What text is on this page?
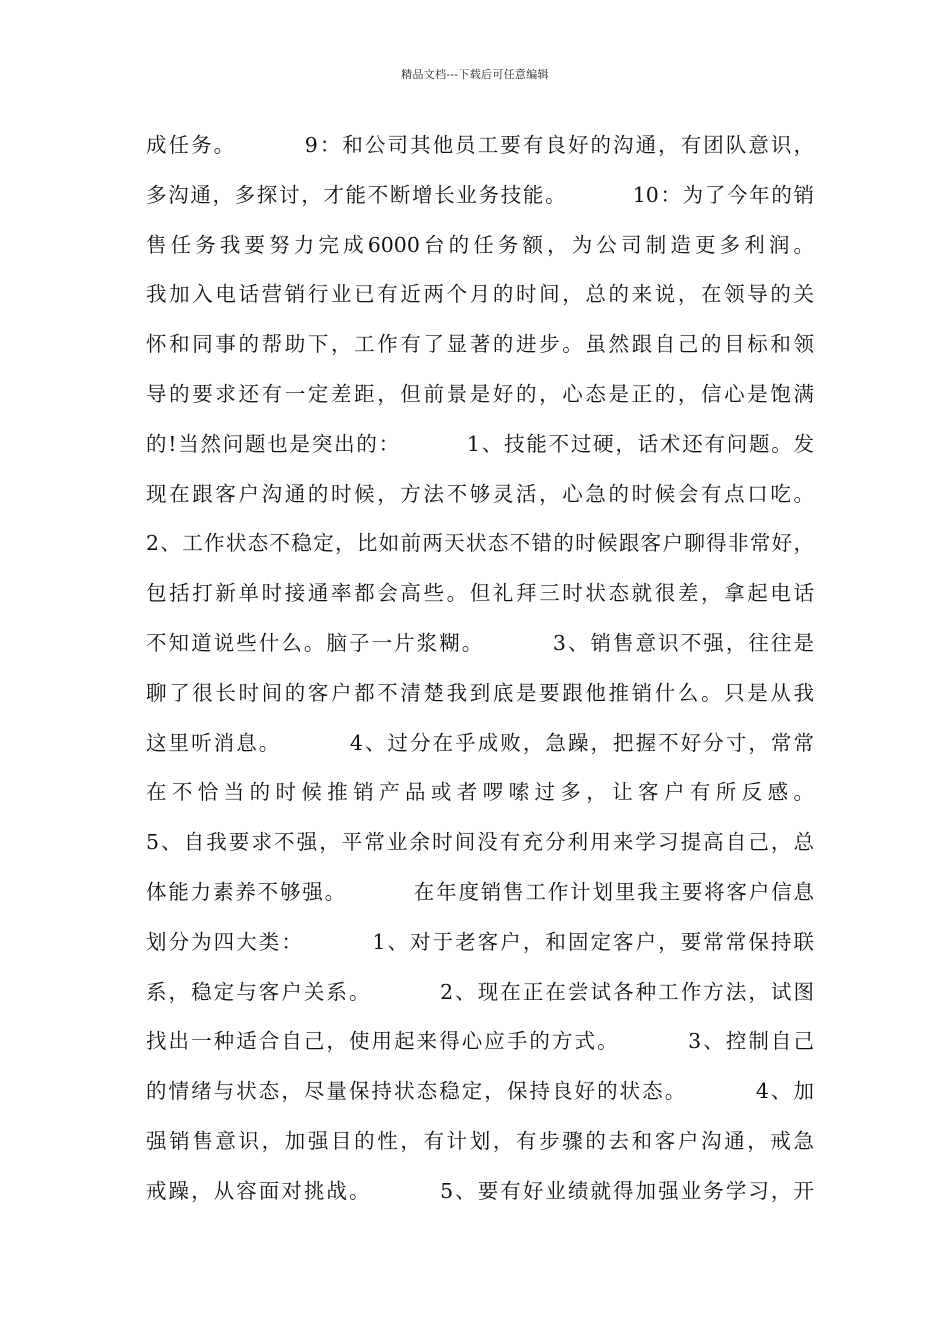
精品文档---下载后可任意编辑
成任务。        9：和公司其他员工要有良好的沟通，有团队意识，
多沟通，多探讨，才能不断增长业务技能。        10：为了今年的销
售任务我要努力完成6000台的任务额，为公司制造更多利润。
我加入电话营销行业已有近两个月的时间，总的来说，在领导的关
怀和同事的帮助下，工作有了显著的进步。虽然跟自己的目标和领
导的要求还有一定差距，但前景是好的，心态是正的，信心是饱满
的!当然问题也是突出的：        1、技能不过硬，话术还有问题。发
现在跟客户沟通的时候，方法不够灵活，心急的时候会有点口吃。
2、工作状态不稳定，比如前两天状态不错的时候跟客户聊得非常好，
包括打新单时接通率都会高些。但礼拜三时状态就很差，拿起电话
不知道说些什么。脑子一片浆糊。        3、销售意识不强，往往是
聊了很长时间的客户都不清楚我到底是要跟他推销什么。只是从我
这里听消息。        4、过分在乎成败，急躁，把握不好分寸，常常
在不恰当的时候推销产品或者啰嗦过多，让客户有所反感。
5、自我要求不强，平常业余时间没有充分利用来学习提高自己，总
体能力素养不够强。        在年度销售工作计划里我主要将客户信息
划分为四大类：        1、对于老客户，和固定客户，要常常保持联
系，稳定与客户关系。        2、现在正在尝试各种工作方法，试图
找出一种适合自己，使用起来得心应手的方式。        3、控制自己
的情绪与状态，尽量保持状态稳定，保持良好的状态。        4、加
强销售意识，加强目的性，有计划，有步骤的去和客户沟通，戒急
戒躁，从容面对挑战。        5、要有好业绩就得加强业务学习，开
